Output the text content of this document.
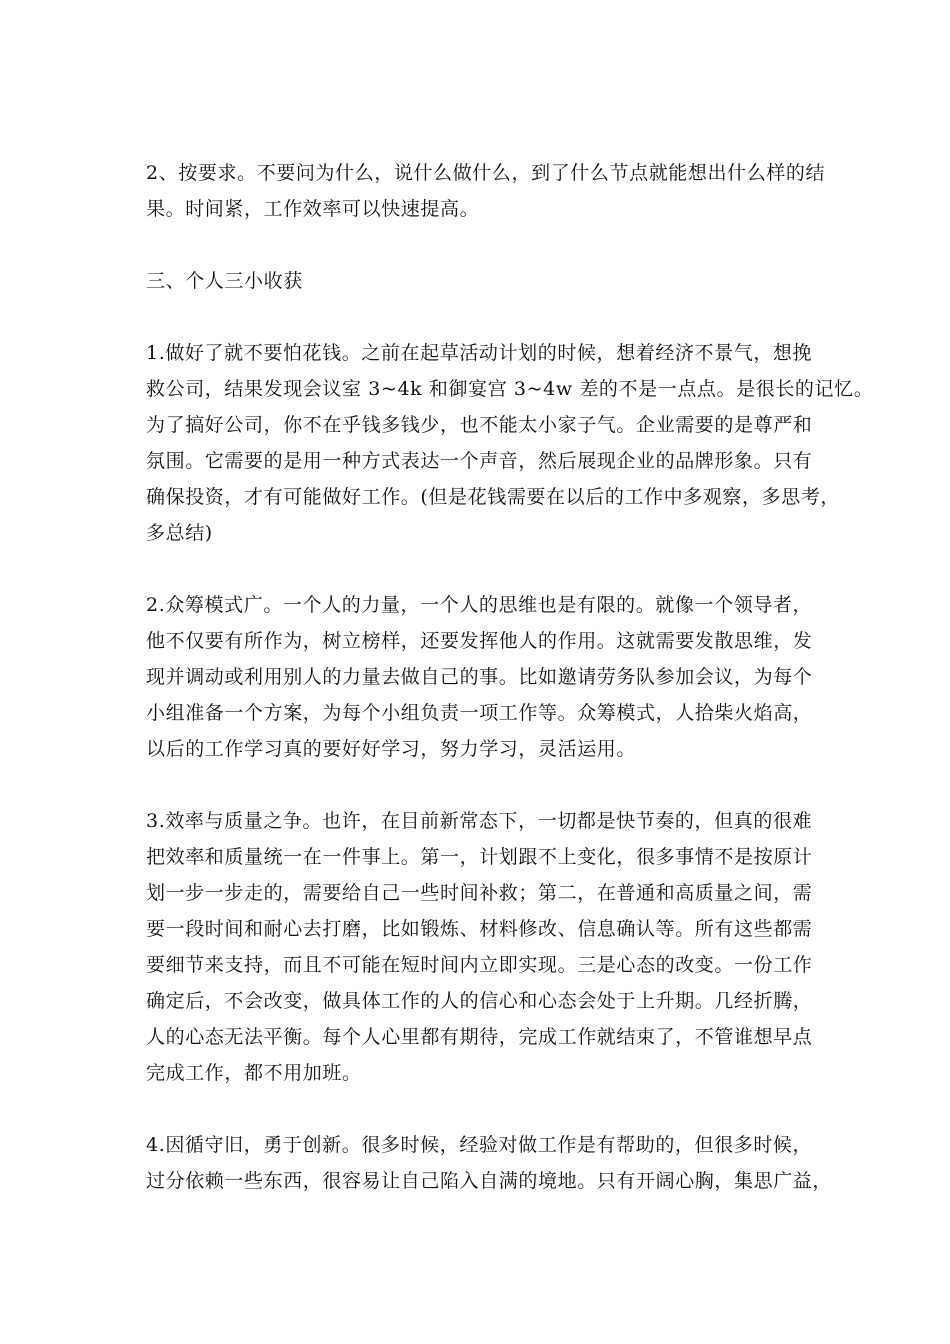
2、按要求。不要问为什么，说什么做什么，到了什么节点就能想出什么样的结
果。时间紧，工作效率可以快速提高。
三、个人三小收获
1.做好了就不要怕花钱。之前在起草活动计划的时候，想着经济不景气，想挽
救公司，结果发现会议室 3~4k 和御宴宫 3~4w 差的不是一点点。是很长的记忆。
为了搞好公司，你不在乎钱多钱少，也不能太小家子气。企业需要的是尊严和
氛围。它需要的是用一种方式表达一个声音，然后展现企业的品牌形象。只有
确保投资，才有可能做好工作。(但是花钱需要在以后的工作中多观察，多思考，
多总结)
2.众筹模式广。一个人的力量，一个人的思维也是有限的。就像一个领导者，
他不仅要有所作为，树立榜样，还要发挥他人的作用。这就需要发散思维，发
现并调动或利用别人的力量去做自己的事。比如邀请劳务队参加会议，为每个
小组准备一个方案，为每个小组负责一项工作等。众筹模式，人拾柴火焰高，
以后的工作学习真的要好好学习，努力学习，灵活运用。
3.效率与质量之争。也许，在目前新常态下，一切都是快节奏的，但真的很难
把效率和质量统一在一件事上。第一，计划跟不上变化，很多事情不是按原计
划一步一步走的，需要给自己一些时间补救；第二，在普通和高质量之间，需
要一段时间和耐心去打磨，比如锻炼、材料修改、信息确认等。所有这些都需
要细节来支持，而且不可能在短时间内立即实现。三是心态的改变。一份工作
确定后，不会改变，做具体工作的人的信心和心态会处于上升期。几经折腾，
人的心态无法平衡。每个人心里都有期待，完成工作就结束了，不管谁想早点
完成工作，都不用加班。
4.因循守旧，勇于创新。很多时候，经验对做工作是有帮助的，但很多时候，
过分依赖一些东西，很容易让自己陷入自满的境地。只有开阔心胸，集思广益，
